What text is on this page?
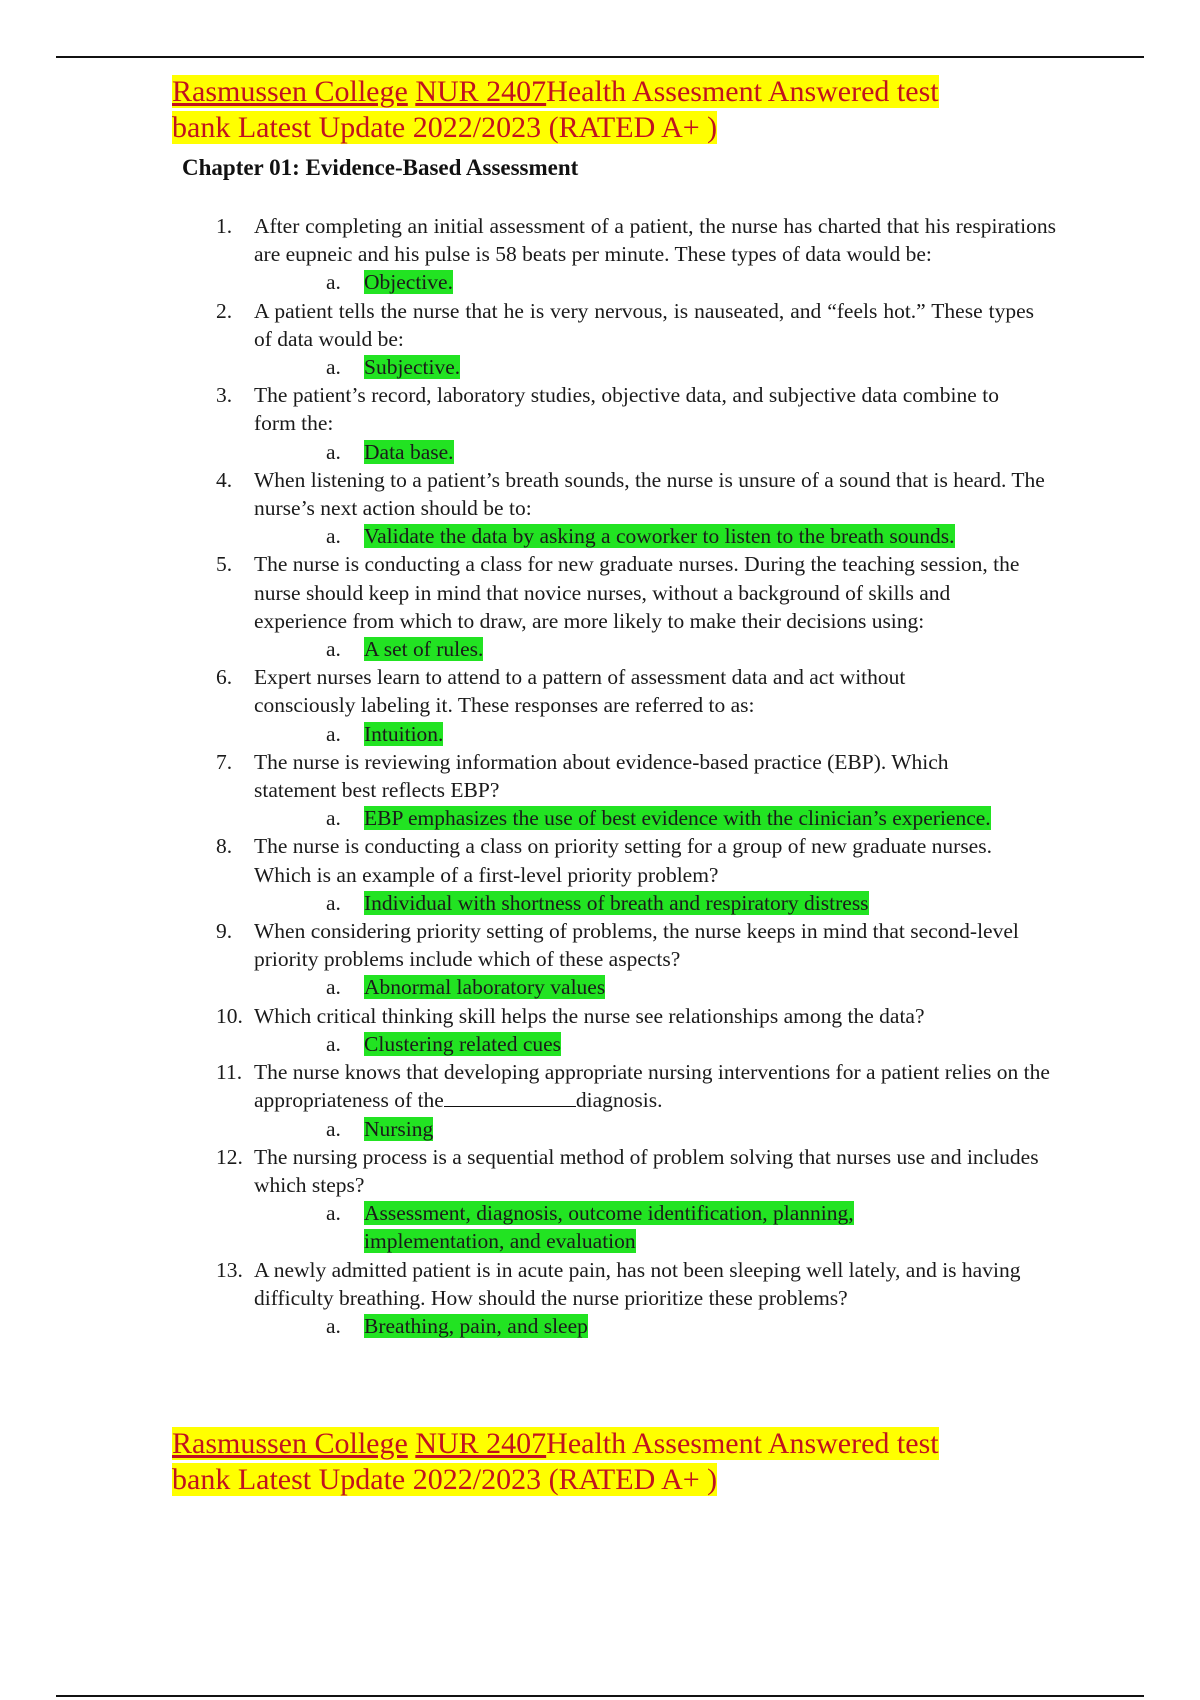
Rasmussen College NUR 2407Health Assesment Answered test
bank Latest Update 2022/2023 (RATED A+ )
Chapter 01: Evidence-Based Assessment
1.	After completing an initial assessment of a patient, the nurse has charted that his respirations are eupneic and his pulse is 58 beats per minute. These types of data would be:
a. Objective.
2.	A patient tells the nurse that he is very nervous, is nauseated, and “feels hot.” These types of data would be:
a. Subjective.
3.	The patient’s record, laboratory studies, objective data, and subjective data combine to form the:
a. Data base.
4.	When listening to a patient’s breath sounds, the nurse is unsure of a sound that is heard. The nurse’s next action should be to:
a. Validate the data by asking a coworker to listen to the breath sounds.
5.	The nurse is conducting a class for new graduate nurses. During the teaching session, the nurse should keep in mind that novice nurses, without a background of skills and experience from which to draw, are more likely to make their decisions using:
a. A set of rules.
6.	Expert nurses learn to attend to a pattern of assessment data and act without consciously labeling it. These responses are referred to as:
a. Intuition.
7.	The nurse is reviewing information about evidence-based practice (EBP). Which statement best reflects EBP?
a. EBP emphasizes the use of best evidence with the clinician’s experience.
8.	The nurse is conducting a class on priority setting for a group of new graduate nurses. Which is an example of a first-level priority problem?
a. Individual with shortness of breath and respiratory distress
9.	When considering priority setting of problems, the nurse keeps in mind that second-level priority problems include which of these aspects?
a. Abnormal laboratory values
10. Which critical thinking skill helps the nurse see relationships among the data?
a. Clustering related cues
11. The nurse knows that developing appropriate nursing interventions for a patient relies on the appropriateness of the	diagnosis.
a. Nursing
12. The nursing process is a sequential method of problem solving that nurses use and includes which steps?
a. Assessment, diagnosis, outcome identification, planning,
implementation, and evaluation
13. A newly admitted patient is in acute pain, has not been sleeping well lately, and is having difficulty breathing. How should the nurse prioritize these problems?
a. Breathing, pain, and sleep
Rasmussen College NUR 2407Health Assesment Answered test
bank Latest Update 2022/2023 (RATED A+ )
